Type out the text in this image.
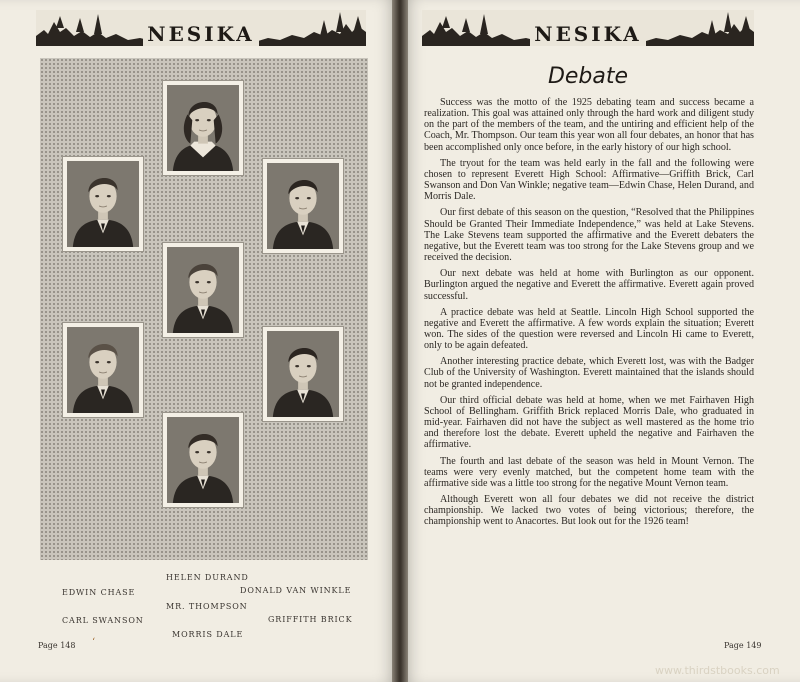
NESIKA	NESIKA
HELEN DURAND
EDWIN CHASE	DONALD VAN WINKLE
MR. THOMPSON
CARL SWANSON	GRIFFITH BRICK
MORRIS DALE
Page 148 ‘
Debate

Success was the motto of the 1925 debating team and success became a realization. This goal was attained only through the hard work and diligent study on the part of the members of the team, and the untiring and efficient help of the Coach, Mr. Thompson. Our team this year won all four debates, an honor that has been accomplished only once before, in the early history of our high school.

The tryout for the team was held early in the fall and the following were chosen to represent Everett High School: Affirmative—Griffith Brick, Carl Swanson and Don Van Winkle; negative team—Edwin Chase, Helen Durand, and Morris Dale.

Our first debate of this season on the question, “Resolved that the Philippines Should be Granted Their Immediate Independence,” was held at Lake Stevens. The Lake Stevens team supported the affirmative and the Everett debaters the negative, but the Everett team was too strong for the Lake Stevens group and we received the decision.

Our next debate was held at home with Burlington as our opponent. Burlington argued the negative and Everett the affirmative. Everett again proved successful.

A practice debate was held at Seattle. Lincoln High School supported the negative and Everett the affirmative. A few words explain the situation; Everett won. The sides of the question were reversed and Lincoln Hi came to Everett, only to be again defeated.

Another interesting practice debate, which Everett lost, was with the Badger Club of the University of Washington. Everett maintained that the islands should not be granted independence.

Our third official debate was held at home, when we met Fairhaven High School of Bellingham. Griffith Brick replaced Morris Dale, who graduated in mid-year. Fairhaven did not have the subject as well mastered as the home trio and therefore lost the debate. Everett upheld the negative and Fairhaven the affirmative.

The fourth and last debate of the season was held in Mount Vernon. The teams were very evenly matched, but the competent home team with the affirmative side was a little too strong for the negative Mount Vernon team.

Although Everett won all four debates we did not receive the district championship. We lacked two votes of being victorious; therefore, the championship went to Anacortes. But look out for the 1926 team!

Page 149
www.thirdstbooks.com
